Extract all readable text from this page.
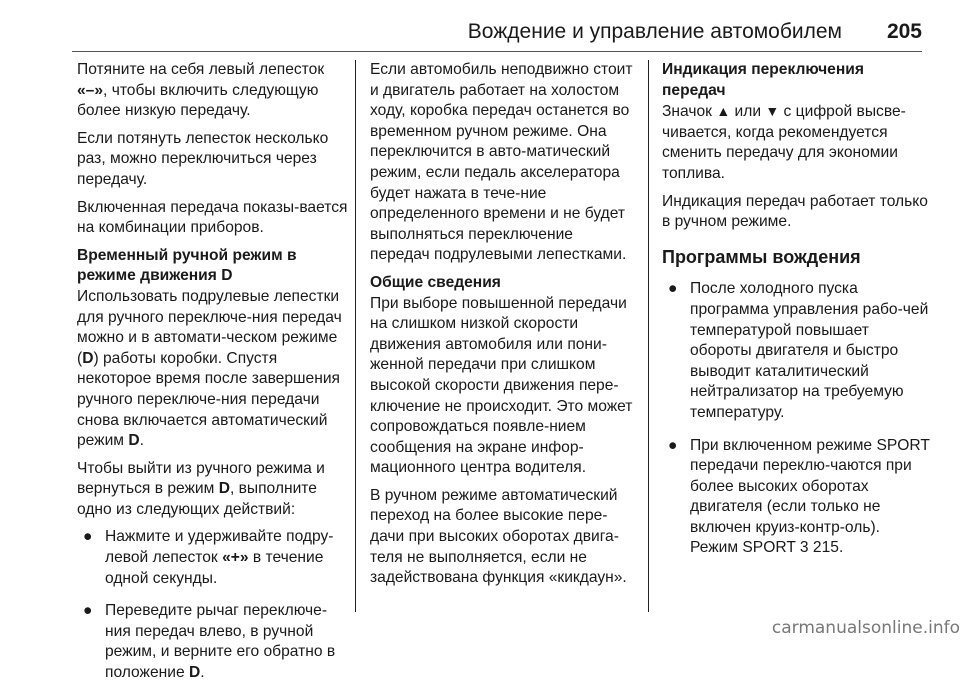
Вождение и управление автомобилем 205

Потяните на себя левый лепесток «–», чтобы включить следующую более низкую передачу.

Если потянуть лепесток несколько раз, можно переключиться через передачу.

Включенная передача показы-вается на комбинации приборов.

Временный ручной режим в режиме движения D

Использовать подрулевые лепестки для ручного переключе-ния передач можно и в автомати-ческом режиме (D) работы коробки. Спустя некоторое время после завершения ручного переключе-ния передачи снова включается автоматический режим D.

Чтобы выйти из ручного режима и вернуться в режим D, выполните одно из следующих действий:

● Нажмите и удерживайте подру-левой лепесток «+» в течение одной секунды.
● Переведите рычаг переключе-ния передач влево, в ручной режим, и верните его обратно в положение D.

Если автомобиль неподвижно стоит и двигатель работает на холостом ходу, коробка передач останется во временном ручном режиме. Она переключится в авто-матический режим, если педаль акселератора будет нажата в тече-ние определенного времени и не будет выполняться переключение передач подрулевыми лепестками.

Общие сведения

При выборе повышенной передачи на слишком низкой скорости движения автомобиля или пони-женной передачи при слишком высокой скорости движения пере-ключение не происходит. Это может сопровождаться появле-нием сообщения на экране инфор-мационного центра водителя.

В ручном режиме автоматический переход на более высокие пере-дачи при высоких оборотах двига-теля не выполняется, если не задействована функция «кикдаун».

Индикация переключения передач

Значок ▲ или ▼ с цифрой высве-чивается, когда рекомендуется сменить передачу для экономии топлива.

Индикация передач работает только в ручном режиме.

Программы вождения

● После холодного пуска программа управления рабо-чей температурой повышает обороты двигателя и быстро выводит каталитический нейтрализатор на требуемую температуру.
● При включенном режиме SPORT передачи переклю-чаются при более высоких оборотах двигателя (если только не включен круиз-контр-оль). Режим SPORT 3 215.
carmanualsonline.info
